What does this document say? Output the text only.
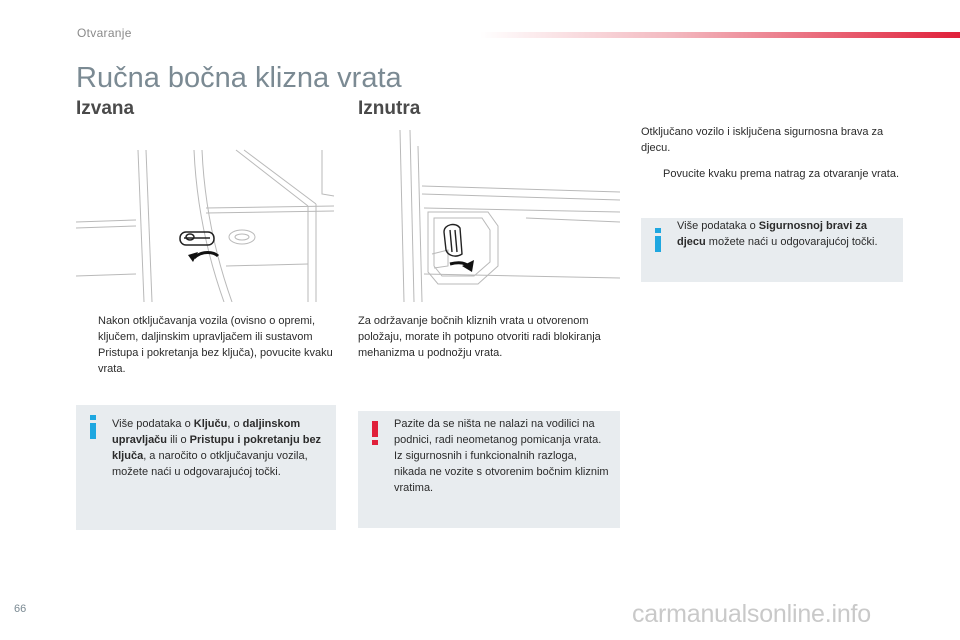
Otvaranje
Ručna bočna klizna vrata
Izvana	Iznutra
Nakon otključavanja vozila (ovisno o opremi, ključem, daljinskim upravljačem ili sustavom Pristupa i pokretanja bez ključa), povucite kvaku vrata.
Za održavanje bočnih kliznih vrata u otvorenom položaju, morate ih potpuno otvoriti radi blokiranja mehanizma u podnožju vrata.
Više podataka o Ključu, o daljinskom upravljaču ili o Pristupu i pokretanju bez ključa, a naročito o otključavanju vozila, možete naći u odgovarajućoj točki.
Pazite da se ništa ne nalazi na vodilici na podnici, radi neometanog pomicanja vrata.
Iz sigurnosnih i funkcionalnih razloga, nikada ne vozite s otvorenim bočnim kliznim vratima.
Otključano vozilo i isključena sigurnosna brava za djecu.
Povucite kvaku prema natrag za otvaranje vrata.
Više podataka o Sigurnosnoj bravi za djecu možete naći u odgovarajućoj točki.
66	carmanualsonline.info
